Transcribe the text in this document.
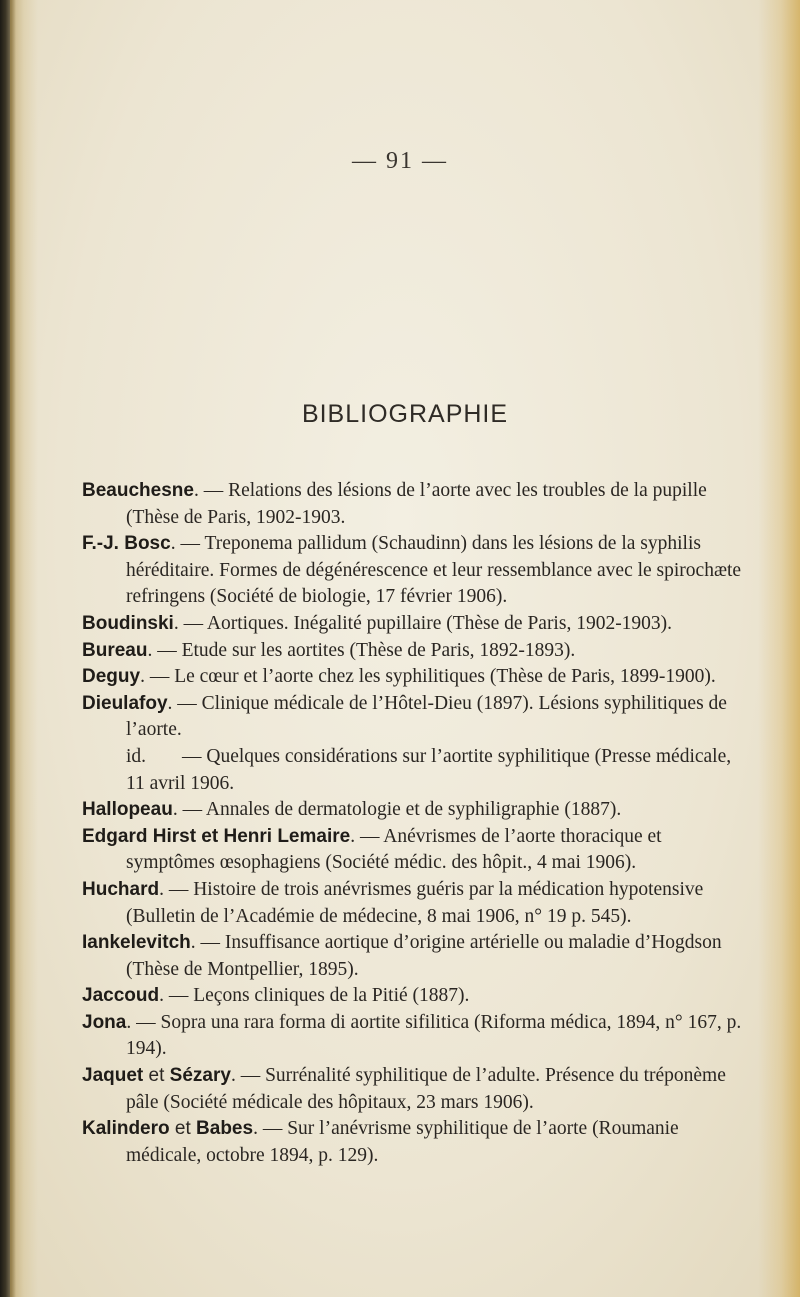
— 91 —
BIBLIOGRAPHIE

Beauchesne. — Relations des lésions de l’aorte avec les troubles de la pupille (Thèse de Paris, 1902-1903.

F.-J. Bosc. — Treponema pallidum (Schaudinn) dans les lésions de la syphilis héréditaire. Formes de dégénérescence et leur ressemblance avec le spirochæte refringens (Société de biologie, 17 février 1906).

Boudinski. — Aortiques. Inégalité pupillaire (Thèse de Paris, 1902-1903).

Bureau. — Etude sur les aortites (Thèse de Paris, 1892-1893).

Deguy. — Le cœur et l’aorte chez les syphilitiques (Thèse de Paris, 1899-1900).

Dieulafoy. — Clinique médicale de l’Hôtel-Dieu (1897). Lésions syphilitiques de l’aorte.

id. — Quelques considérations sur l’aortite syphilitique (Presse médicale, 11 avril 1906.

Hallopeau. — Annales de dermatologie et de syphiligraphie (1887).

Edgard Hirst et Henri Lemaire. — Anévrismes de l’aorte thoracique et symptômes œsophagiens (Société médic. des hôpit., 4 mai 1906).

Huchard. — Histoire de trois anévrismes guéris par la médication hypotensive (Bulletin de l’Académie de médecine, 8 mai 1906, n° 19 p. 545).

Iankelevitch. — Insuffisance aortique d’origine artérielle ou maladie d’Hogdson (Thèse de Montpellier, 1895).

Jaccoud. — Leçons cliniques de la Pitié (1887).

Jona. — Sopra una rara forma di aortite sifilitica (Riforma médica, 1894, n° 167, p. 194).

Jaquet et Sézary. — Surrénalité syphilitique de l’adulte. Présence du tréponème pâle (Société médicale des hôpitaux, 23 mars 1906).

Kalindero et Babes. — Sur l’anévrisme syphilitique de l’aorte (Roumanie médicale, octobre 1894, p. 129).
